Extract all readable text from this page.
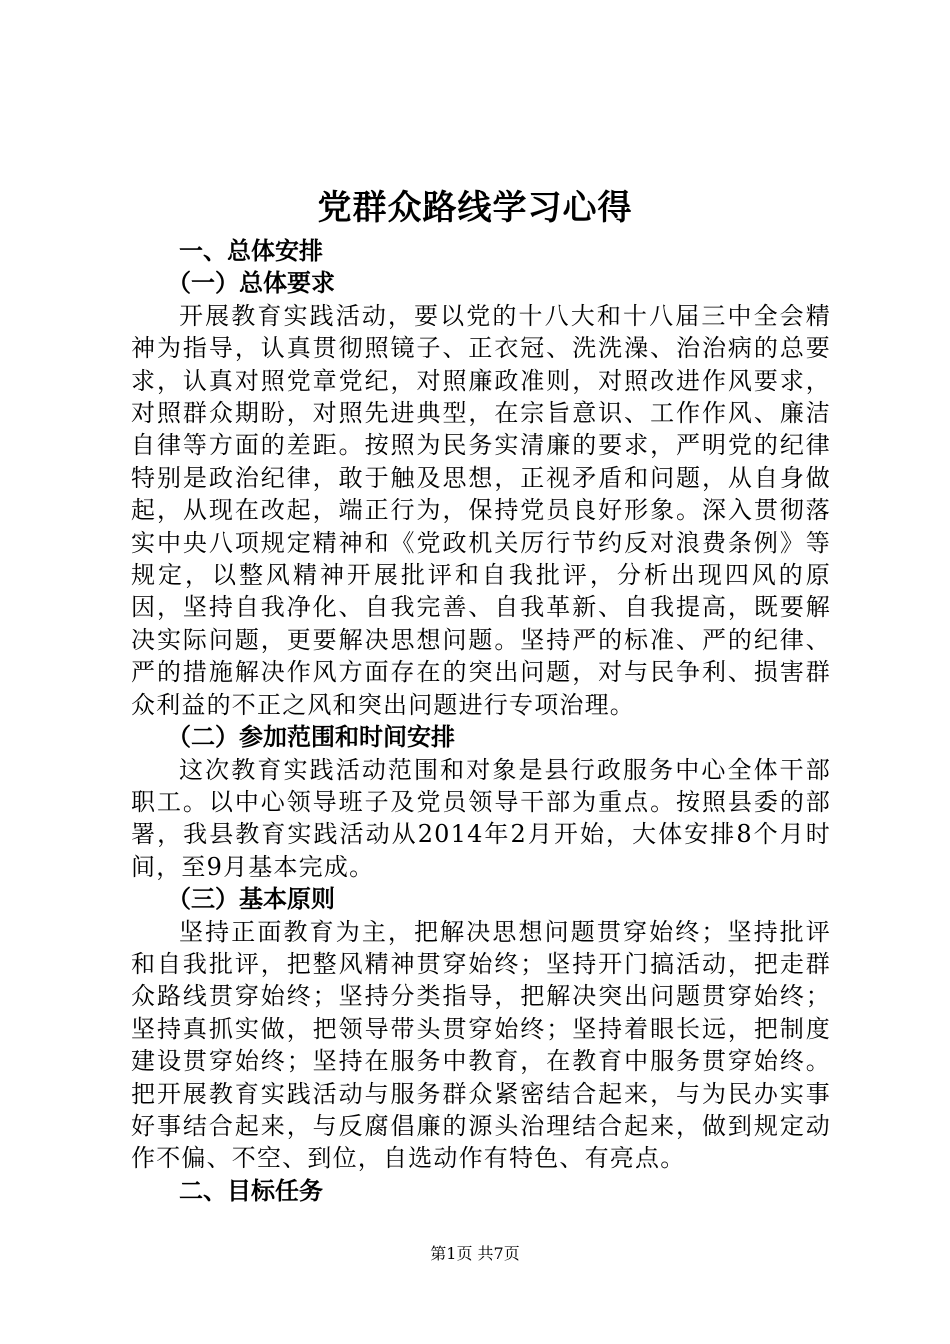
党群众路线学习心得
一、总体安排
（一）总体要求

开展教育实践活动，要以党的十八大和十八届三中全会精神为指导，认真贯彻照镜子、正衣冠、洗洗澡、治治病的总要求，认真对照党章党纪，对照廉政准则，对照改进作风要求，对照群众期盼，对照先进典型，在宗旨意识、工作作风、廉洁自律等方面的差距。按照为民务实清廉的要求，严明党的纪律特别是政治纪律，敢于触及思想，正视矛盾和问题，从自身做起，从现在改起，端正行为，保持党员良好形象。深入贯彻落实中央八项规定精神和《党政机关厉行节约反对浪费条例》等规定，以整风精神开展批评和自我批评，分析出现四风的原因，坚持自我净化、自我完善、自我革新、自我提高，既要解决实际问题，更要解决思想问题。坚持严的标准、严的纪律、严的措施解决作风方面存在的突出问题，对与民争利、损害群众利益的不正之风和突出问题进行专项治理。

（二）参加范围和时间安排

这次教育实践活动范围和对象是县行政服务中心全体干部职工。以中心领导班子及党员领导干部为重点。按照县委的部署，我县教育实践活动从2014年2月开始，大体安排8个月时间，至9月基本完成。

（三）基本原则

坚持正面教育为主，把解决思想问题贯穿始终；坚持批评和自我批评，把整风精神贯穿始终；坚持开门搞活动，把走群众路线贯穿始终；坚持分类指导，把解决突出问题贯穿始终；坚持真抓实做，把领导带头贯穿始终；坚持着眼长远，把制度建设贯穿始终；坚持在服务中教育，在教育中服务贯穿始终。把开展教育实践活动与服务群众紧密结合起来，与为民办实事好事结合起来，与反腐倡廉的源头治理结合起来，做到规定动作不偏、不空、到位，自选动作有特色、有亮点。

二、目标任务
第1页 共7页
